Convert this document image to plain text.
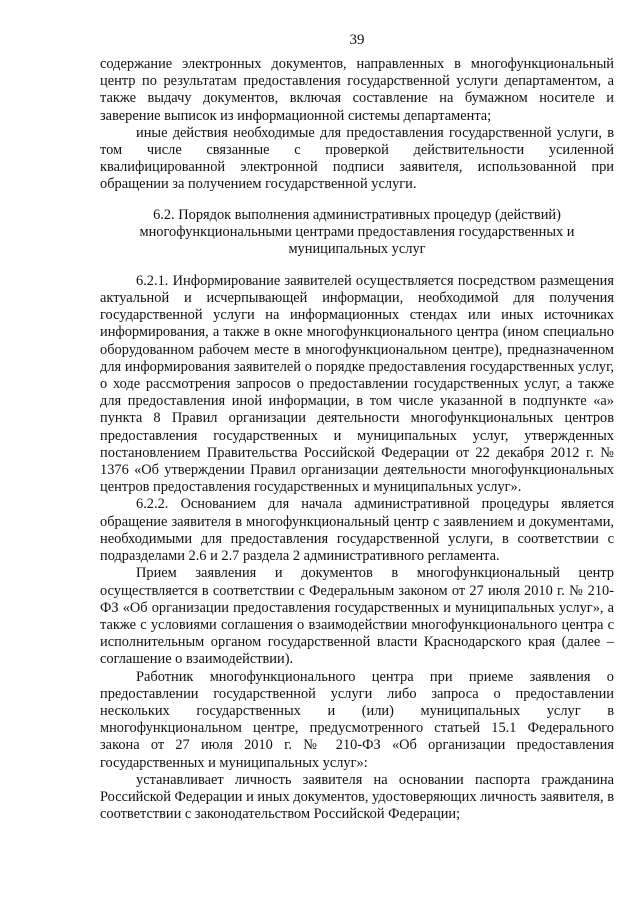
39

содержание электронных документов, направленных в многофункциональный центр по результатам предоставления государственной услуги департаментом, а также выдачу документов, включая составление на бумажном носителе и заверение выписок из информационной системы департамента;

иные действия необходимые для предоставления государственной услуги, в том числе связанные с проверкой действительности усиленной квалифицированной электронной подписи заявителя, использованной при обращении за получением государственной услуги.

6.2. Порядок выполнения административных процедур (действий) многофункциональными центрами предоставления государственных и муниципальных услуг

6.2.1. Информирование заявителей осуществляется посредством размещения актуальной и исчерпывающей информации, необходимой для получения государственной услуги на информационных стендах или иных источниках информирования, а также в окне многофункционального центра (ином специально оборудованном рабочем месте в многофункциональном центре), предназначенном для информирования заявителей о порядке предоставления государственных услуг, о ходе рассмотрения запросов о предоставлении государственных услуг, а также для предоставления иной информации, в том числе указанной в подпункте «а» пункта 8 Правил организации деятельности многофункциональных центров предоставления государственных и муниципальных услуг, утвержденных постановлением Правительства Российской Федерации от 22 декабря 2012 г. № 1376 «Об утверждении Правил организации деятельности многофункциональных центров предоставления государственных и муниципальных услуг».

6.2.2. Основанием для начала административной процедуры является обращение заявителя в многофункциональный центр с заявлением и документами, необходимыми для предоставления государственной услуги, в соответствии с подразделами 2.6 и 2.7 раздела 2 административного регламента.

Прием заявления и документов в многофункциональный центр осуществляется в соответствии с Федеральным законом от 27 июля 2010 г. № 210-ФЗ «Об организации предоставления государственных и муниципальных услуг», а также с условиями соглашения о взаимодействии многофункционального центра с исполнительным органом государственной власти Краснодарского края (далее – соглашение о взаимодействии).

Работник многофункционального центра при приеме заявления о предоставлении государственной услуги либо запроса о предоставлении нескольких государственных и (или) муниципальных услуг в многофункциональном центре, предусмотренного статьей 15.1 Федерального закона от 27 июля 2010 г. № 210-ФЗ «Об организации предоставления государственных и муниципальных услуг»:

устанавливает личность заявителя на основании паспорта гражданина Российской Федерации и иных документов, удостоверяющих личность заявителя, в соответствии с законодательством Российской Федерации;
